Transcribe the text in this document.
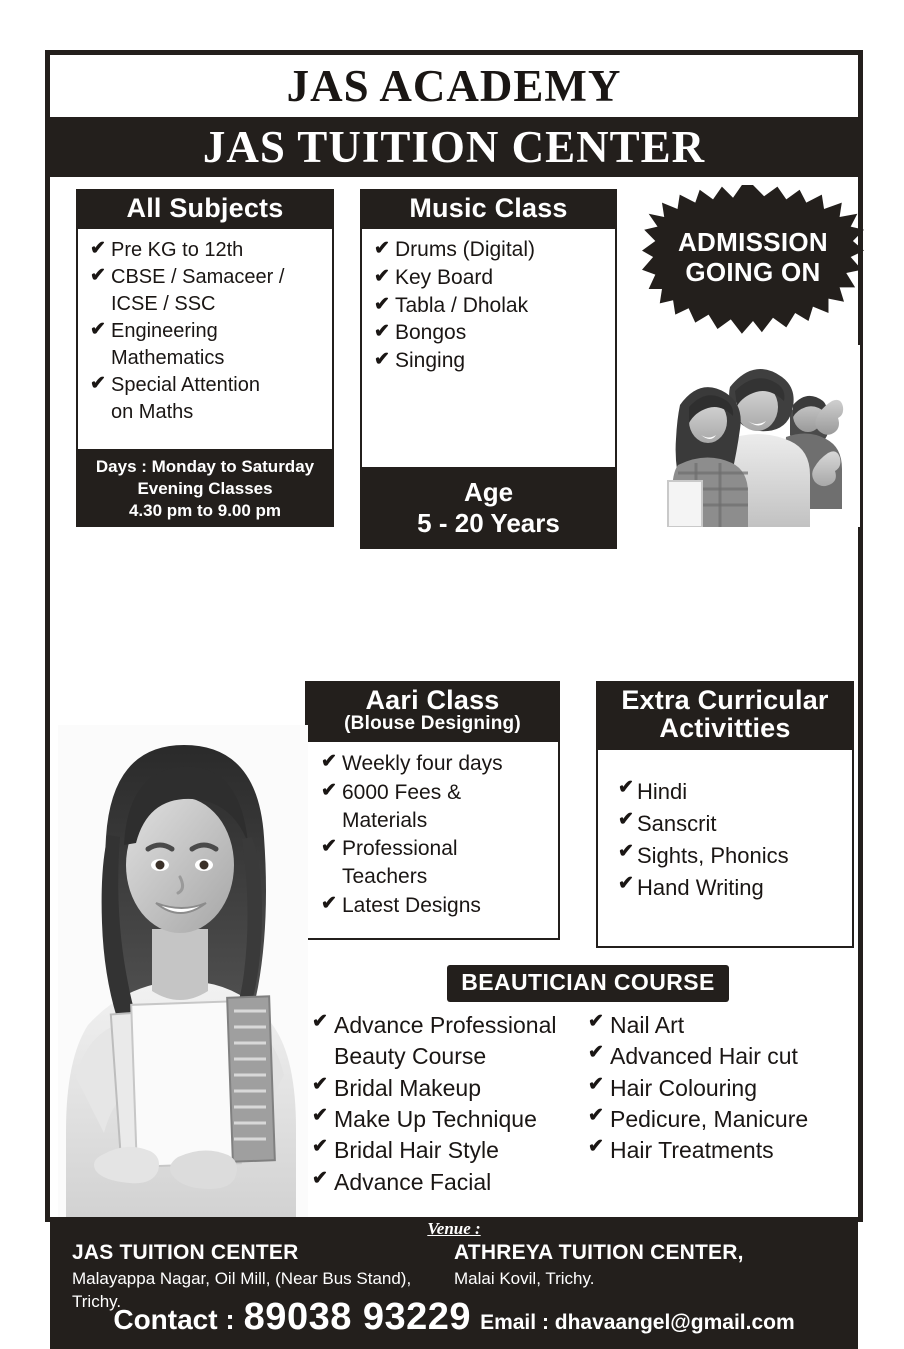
JAS ACADEMY
JAS TUITION CENTER
All Subjects
✔ Pre KG to 12th
✔ CBSE / Samaceer /
ICSE / SSC
✔ Engineering
Mathematics
✔ Special Attention
on Maths
Days : Monday to Saturday
Evening Classes
4.30 pm to 9.00 pm
Music Class
✔ Drums (Digital)
✔ Key Board
✔ Tabla / Dholak
✔ Bongos
✔ Singing
Age
5 - 20 Years
ADMISSION
GOING ON
Aari Class
(Blouse Designing)
✔ Weekly four days
✔ 6000 Fees &
Materials
✔ Professional
Teachers
✔ Latest Designs
Extra Curricular
Activitties
✔ Hindi
✔ Sanscrit
✔ Sights, Phonics
✔ Hand Writing
BEAUTICIAN COURSE
✔ Advance Professional
Beauty Course
✔ Bridal Makeup
✔ Make Up Technique
✔ Bridal Hair Style
✔ Advance Facial
✔ Nail Art
✔ Advanced Hair cut
✔ Hair Colouring
✔ Pedicure, Manicure
✔ Hair Treatments
Venue :
JAS TUITION CENTER
Malayappa Nagar, Oil Mill, (Near Bus Stand), Trichy.
ATHREYA TUITION CENTER,
Malai Kovil, Trichy.
Contact : 89038 93229 Email : dhavaangel@gmail.com
